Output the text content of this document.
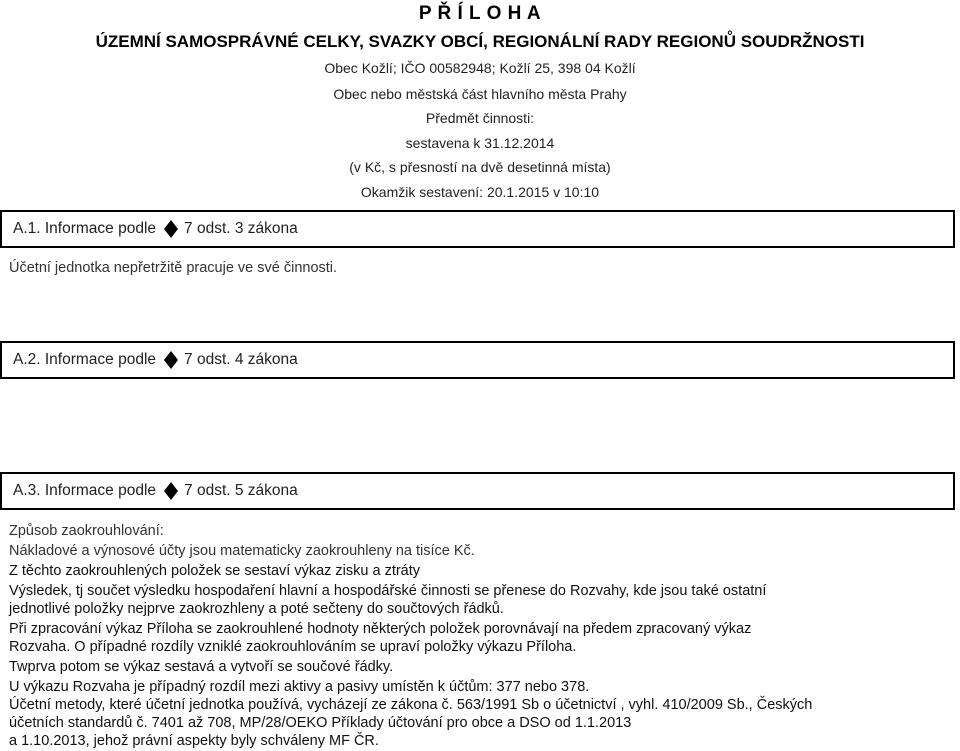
P Ř Í L O H A
ÚZEMNÍ SAMOSPRÁVNÉ CELKY, SVAZKY OBCÍ, REGIONÁLNÍ RADY REGIONŮ SOUDRŽNOSTI
Obec Kožlí; IČO 00582948; Kožlí 25, 398 04 Kožlí
Obec nebo městská část hlavního města Prahy
Předmět činnosti:
sestavena k 31.12.2014
(v Kč, s přesností na dvě desetinná místa)
Okamžik sestavení: 20.1.2015 v 10:10
A.1. Informace podle 7 odst. 3 zákona
Účetní jednotka nepřetržitě pracuje ve své činnosti.
A.2. Informace podle 7 odst. 4 zákona
A.3. Informace podle 7 odst. 5 zákona
Způsob zaokrouhlování:
Nákladové a výnosové účty jsou matematicky zaokrouhleny na tisíce Kč.
Z těchto zaokrouhlených položek se sestaví výkaz zisku a ztráty
Výsledek, tj součet výsledku hospodaření hlavní a hospodářské činnosti se přenese do Rozvahy, kde jsou také ostatní
jednotlivé položky nejprve zaokrozhleny a poté sečteny do součtových řádků.
Při zpracování výkaz Příloha se zaokrouhlené hodnoty některých položek porovnávají na předem zpracovaný výkaz
Rozvaha. O případné rozdíly vzniklé zaokrouhlováním se upraví položky výkazu Příloha.
Twprva potom se výkaz sestavá a vytvoří se součové řádky.
U výkazu Rozvaha je případný rozdíl mezi aktivy a pasivy umístěn k účtům: 377 nebo 378.
Účetní metody, které účetní jednotka používá, vycházejí ze zákona č. 563/1991 Sb o účetnictví , vyhl. 410/2009 Sb., Českých
účetních standardů č. 7401 až 708, MP/28/OEKO Příklady účtování pro obce a DSO od 1.1.2013
a 1.10.2013, jehož právní aspekty byly schváleny MF ČR.
